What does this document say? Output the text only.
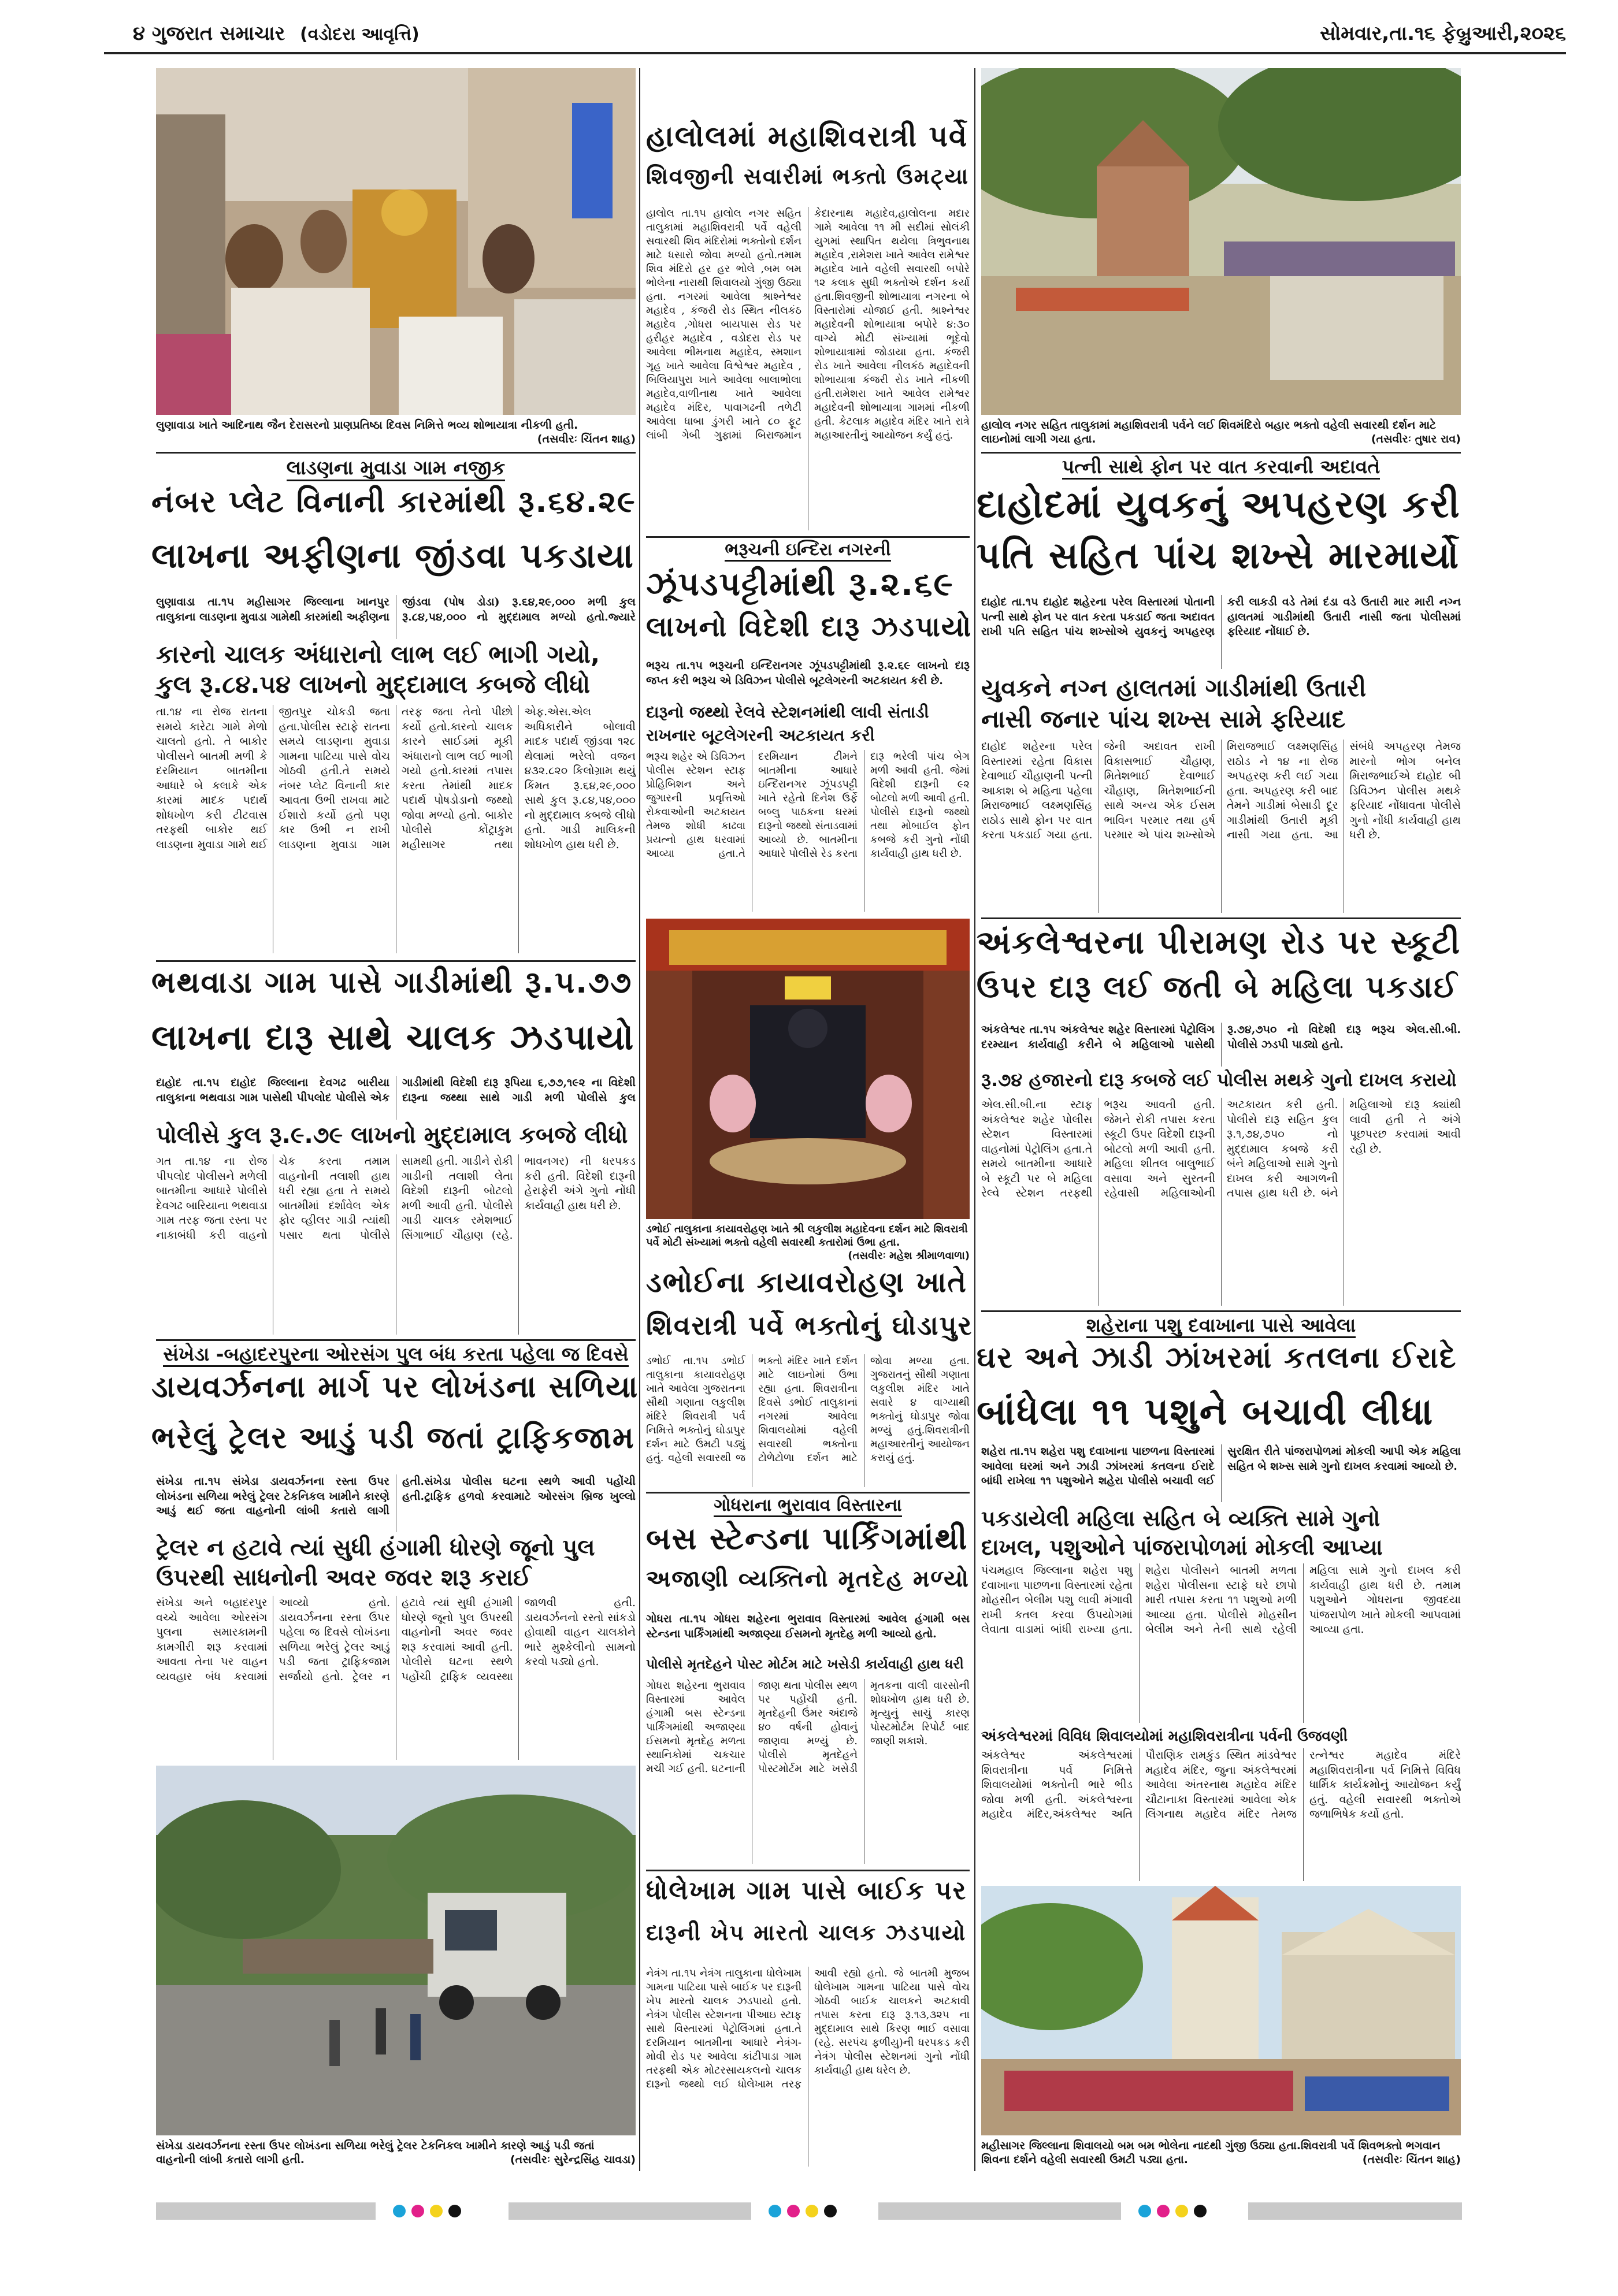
૪ ગુજરાત સમાચાર (વડોદરા આવૃત્તિ)	સોમવાર,તા.૧૬ ફેબ્રુઆરી,૨૦૨૬
લુણાવાડા ખાતે આદિનાથ જૈન દેરાસરનો પ્રાણપ્રતિષ્ઠા દિવસ નિમિત્તે ભવ્ય શોભાયાત્રા નીકળી હતી.
(તસવીરઃ ચિંતન શાહ)
લાડણના મુવાડા ગામ નજીક
નંબર પ્લેટ વિનાની કારમાંથી રૂ.૬૪.૨૯
લાખના અફીણના જીંડવા પકડાયા
લુણાવાડા તા.૧૫ મહીસાગર જિલ્લાના ખાનપુર તાલુકાના લાડણના મુવાડા ગામેથી કારમાંથી અફીણના જીંડવા (પોષ ડોડા) રૂ.૬૪,૨૯,૦૦૦ મળી કુલ રૂ.૮૪,૫૪,૦૦૦ નો મુદ્દામાલ મળ્યો હતો.જ્યારે
કારનો ચાલક અંધારાનો લાભ લઈ ભાગી ગયો,
કુલ રૂ.૮૪.૫૪ લાખનો મુદ્દામાલ કબજે લીધો
તા.૧૪ ના રોજ રાતના સમયે કારેટા ગામે મેળો ચાલતો હતો. તે બાકોર પોલીસને બાતમી મળી કે દરમિયાન બાતમીના આધારે બે કલાકે એક કારમાં માદક પદાર્થ શોધખોળ કરી ટીટવાસ તરફથી બાકોર થઈ લાડણના મુવાડા ગામે થઈ જીતપુર ચોકડી જતા હતા.પોલીસ સ્ટાફે રાતના સમયે લાડણના મુવાડા ગામના પાટિયા પાસે વોચ ગોઠવી હતી.તે સમયે નંબર પ્લેટ વિનાની કાર આવતા ઉભી રાખવા માટે ઈશારો કર્યો હતો પણ કાર ઉભી ન રાખી લાડણના મુવાડા ગામ તરફ જતા તેનો પીછો કર્યો હતો.કારનો ચાલક કારને સાઈડમાં મૂકી અંધારાનો લાભ લઈ ભાગી ગયો હતો.કારમાં તપાસ કરતા તેમાંથી માદક પદાર્થ પોષડોડાનો જથ્થો જોવા મળ્યો હતો. બાકોર પોલીસે કોંટ્રાકુમ મહીસાગર તથા એફ.એસ.એલ અધિકારીને બોલાવી માદક પદાર્થ જીંડવા ૧૨૮ થેલામાં ભરેલો વજન ૪૩૨.૮૨૦ કિલોગ્રામ થયું કિંમત રૂ.૬૪,૨૯,૦૦૦ સાથે કુલ રૂ.૮૪,૫૪,૦૦૦ નો મુદ્દામાલ કબજે લીધો હતો. ગાડી માલિકની શોધખોળ હાથ ધરી છે.
ભથવાડા ગામ પાસે ગાડીમાંથી રૂ.૫.૭૭
લાખના દારૂ સાથે ચાલક ઝડપાયો
દાહોદ તા.૧૫ દાહોદ જિલ્લાના દેવગઢ બારીયા તાલુકાના ભથવાડા ગામ પાસેથી પીપલોદ પોલીસે એક ગાડીમાંથી વિદેશી દારૂ રૂપિયા ૬,૭૭,૧૯૨ ના વિદેશી દારૂના જથ્થા સાથે ગાડી મળી પોલીસે કુલ
પોલીસે કુલ રૂ.૯.૭૯ લાખનો મુદ્દામાલ કબજે લીધો
ગત તા.૧૪ ના રોજ પીપલોદ પોલીસને મળેલી બાતમીના આધારે પોલીસે દેવગઢ બારિયાના ભથવાડા ગામ તરફ જતા રસ્તા પર નાકાબંધી કરી વાહનો ચેક કરતા તમામ વાહનોની તલાશી હાથ ધરી રહ્યા હતા તે સમયે બાતમીમાં દર્શાવેલ એક ફોર વ્હીલર ગાડી ત્યાંથી પસાર થતા પોલીસે સામથી હતી. ગાડીને રોકી ગાડીની તલાશી લેતા વિદેશી દારૂની બોટલો મળી આવી હતી. પોલીસે ગાડી ચાલક રમેશભાઈ સિંગાભાઈ ચૌહાણ (રહે. ભાવનગર) ની ધરપકડ કરી હતી. વિદેશી દારૂની હેરાફેરી અંગે ગુનો નોંધી કાર્યવાહી હાથ ધરી છે.
સંખેડા -બહાદરપુરના ઓરસંગ પુલ બંધ કરતા પહેલા જ દિવસે
ડાયવર્ઝનના માર્ગ પર લોખંડના સળિયા
ભરેલું ટ્રેલર આડું પડી જતાં ટ્રાફિકજામ
સંખેડા તા.૧૫ સંખેડા ડાયવર્ઝનના રસ્તા ઉપર લોખંડના સળિયા ભરેલું ટ્રેલર ટેકનિકલ ખામીને કારણે આડું થઈ જતા વાહનોની લાંબી કતારો લાગી હતી.સંખેડા પોલીસ ઘટના સ્થળે આવી પહોંચી હતી.ટ્રાફિક હળવો કરવામાટે ઓરસંગ બ્રિજ ખુલ્લો
ટ્રેલર ન હટાવે ત્યાં સુધી હંગામી ધોરણે જૂનો પુલ
ઉપરથી સાધનોની અવર જવર શરૂ કરાઈ
સંખેડા અને બહાદરપુર વચ્ચે આવેલા ઓરસંગ પુલના સમારકામની કામગીરી શરૂ કરવામાં આવતા તેના પર વાહન વ્યવહાર બંધ કરવામાં આવ્યો હતો. ડાયવર્ઝનના રસ્તા ઉપર પહેલા જ દિવસે લોખંડના સળિયા ભરેલું ટ્રેલર આડું પડી જતા ટ્રાફિકજામ સર્જાયો હતો. ટ્રેલર ન હટાવે ત્યાં સુધી હંગામી ધોરણે જૂનો પુલ ઉપરથી વાહનોની અવર જવર શરૂ કરવામાં આવી હતી. પોલીસે ઘટના સ્થળે પહોંચી ટ્રાફિક વ્યવસ્થા જાળવી હતી. ડાયવર્ઝનનો રસ્તો સાંકડો હોવાથી વાહન ચાલકોને ભારે મુશ્કેલીનો સામનો કરવો પડ્યો હતો.
સંખેડા ડાયવર્ઝનના રસ્તા ઉપર લોખંડના સળિયા ભરેલું ટ્રેલર ટેકનિકલ ખામીને કારણે આડું પડી જતાં વાહનોની લાંબી કતારો લાગી હતી.	(તસવીરઃ સુરેન્દ્રસિંહ ચાવડા)
હાલોલમાં મહાશિવરાત્રી પર્વે
શિવજીની સવારીમાં ભક્તો ઉમટ્યા
હાલોલ તા.૧૫ હાલોલ નગર સહિત તાલુકામાં મહાશિવરાત્રી પર્વે વહેલી સવારથી શિવ મંદિરોમાં ભક્તોનો દર્શન માટે ધસારો જોવા મળ્યો હતો.તમામ શિવ મંદિરો હર હર ભોલે ,બમ બમ ભોલેના નારાથી શિવાલયો ગુંજી ઉઠ્યા હતા. નગરમાં આવેલા શ્રાશ્નેશ્વર મહાદેવ , કંજરી રોડ સ્થિત નીલકંઠ મહાદેવ ,ગોધરા બાયપાસ રોડ પર હરીહર મહાદેવ , વડોદરા રોડ પર આવેલા ભીમનાથ મહાદેવ, સ્મશાન ગૃહ ખાતે આવેલા વિશ્વેશ્વર મહાદેવ , બિલિયાપુરા ખાતે આવેલા બાલાભોલા મહાદેવ,વાળીનાથ ખાતે આવેલા મહાદેવ મંદિર, પાવાગઢની તળેટી આવેલા ધાબા ડુંગરી ખાતે ૮૦ ફૂટ લાંબી ગેબી ગુફામાં બિરાજમાન કેદારનાથ મહાદેવ,હાલોલના મદાર ગામે આવેલા ૧૧ મી સદીમાં સોલંકી યુગમાં સ્થાપિત થયેલા ત્રિભુવનાથ મહાદેવ ,રામેશરા ખાતે આવેલ રામેશ્વર મહાદેવ ખાતે વહેલી સવારથી બપોરે ૧૨ કલાક સુધી ભક્તોએ દર્શન કર્યા હતા.શિવજીની શોભાયાત્રા નગરના બે વિસ્તારોમાં યોજાઈ હતી. શ્રાશ્નેશ્વર મહાદેવની શોભાયાત્રા બપોરે ૪:૩૦ વાગ્યે મોટી સંખ્યામાં ભૂદેવો શોભાયાત્રામાં જોડાયા હતા. કંજરી રોડ ખાતે આવેલા નીલકંઠ મહાદેવની શોભાયાત્રા કંજરી રોડ ખાતે નીકળી હતી.રામેશરા ખાતે આવેલ રામેશ્વર મહાદેવની શોભાયાત્રા ગામમાં નીકળી હતી. કેટલાક મહાદેવ મંદિર ખાતે રાત્રે મહાઆરતીનું આયોજન કર્યું હતું.
ભરૂચની ઇન્દિરા નગરની
ઝૂંપડપટ્ટીમાંથી રૂ.૨.૬૯
લાખનો વિદેશી દારૂ ઝડપાયો
ભરૂચ તા.૧૫ ભરૂચની ઇન્દિરાનગર ઝૂંપડપટ્ટીમાંથી રૂ.૨.૬૯ લાખનો દારૂ જપ્ત કરી ભરૂચ એ ડિવિઝન પોલીસે બૂટલેગરની અટકાયત કરી છે.
દારૂનો જથ્થો રેલવે સ્ટેશનમાંથી લાવી સંતાડી
રાખનાર બૂટલેગરની અટકાયત કરી
ભરૂચ શહેર એ ડિવિઝન પોલીસ સ્ટેશન સ્ટાફ પ્રોહિબિશન અને જુગારની પ્રવૃત્તિઓ રોકવાઓની અટકાયત તેમજ શોધી કાઢવા પ્રયત્નો હાથ ધરવામાં આવ્યા હતા.તે દરમિયાન ટીમને બાતમીના આધારે ઇન્દિરાનગર ઝૂંપડપટ્ટી ખાતે રહેતો દિનેશ ઉર્ફે બબ્લુ પાઠકના ઘરમાં દારૂનો જથ્થો સંતાડવામાં આવ્યો છે. બાતમીના આધારે પોલીસે રેડ કરતા દારૂ ભરેલી પાંચ બેગ મળી આવી હતી. જેમાં વિદેશી દારૂની ૯૨ બોટલો મળી આવી હતી. પોલીસે દારૂનો જથ્થો તથા મોબાઈલ ફોન કબજે કરી ગુનો નોંધી કાર્યવાહી હાથ ધરી છે.
ડભોઈ તાલુકાના કાયાવરોહણ ખાતે શ્રી લકુલીશ મહાદેવના દર્શન માટે શિવરાત્રી પર્વે મોટી સંખ્યામાં ભક્તો વહેલી સવારથી કતારોમાં ઉભા હતા.
(તસવીરઃ મહેશ શ્રીમાળવાળા)
ડભોઈના કાયાવરોહણ ખાતે
શિવરાત્રી પર્વે ભક્તોનું ઘોડાપુર
ડભોઈ તા.૧૫ ડભોઈ તાલુકાના કાયાવરોહણ ખાતે આવેલા ગુજરાતના સૌથી ગણાતા લકુલીશ મંદિરે શિવરાત્રી પર્વ નિમિત્તે ભક્તોનું ઘોડાપુર દર્શન માટે ઉમટી પડ્યું હતું. વહેલી સવારથી જ ભક્તો મંદિર ખાતે દર્શન માટે લાઇનોમાં ઉભા રહ્યા હતા. શિવરાત્રીના દિવસે ડભોઈ તાલુકાનાં નગરમાં આવેલા શિવાલયોમાં વહેલી સવારથી ભક્તોના ટોળેટોળા દર્શન માટે જોવા મળ્યા હતા. ગુજરાતનું સૌથી ગણાતા લકુલીશ મંદિર ખાતે સવારે ૪ વાગ્યાથી ભક્તોનું ઘોડાપુર જોવા મળ્યું હતું.શિવરાત્રીની મહાઆરતીનું આયોજન કરાયું હતું.
ગોધરાના ભુરાવાવ વિસ્તારના
બસ સ્ટેન્ડના પાર્કિંગમાંથી
અજાણી વ્યક્તિનો મૃતદેહ મળ્યો
ગોધરા તા.૧૫ ગોધરા શહેરના ભુરાવાવ વિસ્તારમાં આવેલ હંગામી બસ સ્ટેન્ડના પાર્કિંગમાંથી અજાણ્યા ઈસમનો મૃતદેહ મળી આવ્યો હતો.
પોલીસે મૃતદેહને પોસ્ટ મોર્ટમ માટે ખસેડી કાર્યવાહી હાથ ધરી
ગોધરા શહેરના ભુરાવાવ વિસ્તારમાં આવેલ હંગામી બસ સ્ટેન્ડના પાર્કિંગમાંથી અજાણ્યા ઈસમનો મૃતદેહ મળતા સ્થાનિકોમાં ચકચાર મચી ગઈ હતી. ઘટનાની જાણ થતા પોલીસ સ્થળ પર પહોંચી હતી. મૃતદેહની ઉંમર અંદાજે ૪૦ વર્ષની હોવાનું જાણવા મળ્યું છે. પોલીસે મૃતદેહને પોસ્ટમોર્ટમ માટે ખસેડી મૃતકના વાલી વારસોની શોધખોળ હાથ ધરી છે. મૃત્યુનું સાચું કારણ પોસ્ટમોર્ટમ રિપોર્ટ બાદ જાણી શકાશે.
ધોલેખામ ગામ પાસે બાઈક પર
દારૂની ખેપ મારતો ચાલક ઝડપાયો
નેત્રંગ તા.૧૫ નેત્રંગ તાલુકાના ધોલેખામ ગામના પાટિયા પાસે બાઈક પર દારૂની ખેપ મારતો ચાલક ઝડપાયો હતો. નેત્રંગ પોલીસ સ્ટેશનના પીઆઇ સ્ટાફ સાથે વિસ્તારમાં પેટ્રોલિંગમાં હતા.તે દરમિયાન બાતમીના આધારે નેત્રંગ-મોવી રોડ પર આવેલા કાંટીપાડા ગામ તરફથી એક મોટરસાયકલનો ચાલક દારૂનો જથ્થો લઈ ધોલેખામ તરફ આવી રહ્યો હતો. જે બાતમી મુજબ ધોલેખામ ગામના પાટિયા પાસે વોચ ગોઠવી બાઈક ચાલકને અટકાવી તપાસ કરતા દારૂ રૂ.૧૩,૩૨૫ ના મુદ્દામાલ સાથે કિરણ ભાઈ વસાવા (રહે. સરપંચ ફળીયુ)ની ધરપકડ કરી નેત્રંગ પોલીસ સ્ટેશનમાં ગુનો નોંધી કાર્યવાહી હાથ ધરેલ છે.
હાલોલ નગર સહિત તાલુકામાં મહાશિવરાત્રી પર્વને લઈ શિવમંદિરો બહાર ભક્તો વહેલી સવારથી દર્શન માટે લાઇનોમાં લાગી ગયા હતા.	(તસવીરઃ તુષાર રાવ)
પત્ની સાથે ફોન પર વાત કરવાની અદાવતે
દાહોદમાં યુવકનું અપહરણ કરી
પતિ સહિત પાંચ શખ્સે મારમાર્યો
દાહોદ તા.૧૫ દાહોદ શહેરના પરેલ વિસ્તારમાં પોતાની પત્ની સાથે ફોન પર વાત કરતા પકડાઈ જતા અદાવત રાખી પતિ સહિત પાંચ શખ્સોએ યુવકનું અપહરણ કરી લાકડી વડે તેમાં દંડા વડે ઉતારી માર મારી નગ્ન હાલતમાં ગાડીમાંથી ઉતારી નાસી જતા પોલીસમાં ફરિયાદ નોંધાઈ છે.
યુવકને નગ્ન હાલતમાં ગાડીમાંથી ઉતારી
નાસી જનાર પાંચ શખ્સ સામે ફરિયાદ
દાહોદ શહેરના પરેલ વિસ્તારમાં રહેતા વિકાસ દેવાભાઈ ચૌહાણની પત્ની આકાશ બે મહિના પહેલા મિરાજભાઈ લક્ષ્મણસિંહ રાઠોડ સાથે ફોન પર વાત કરતા પકડાઈ ગયા હતા. જેની અદાવત રાખી વિકાસભાઈ ચૌહાણ, મિતેશભાઈ દેવાભાઈ ચૌહાણ, મિતેશભાઈની સાથે અન્ય એક ઈસમ ભાવિન પરમાર તથા હર્ષ પરમાર એ પાંચ શખ્સોએ મિરાજભાઈ લક્ષ્મણસિંહ રાઠોડ ને ૧૪ ના રોજ અપહરણ કરી લઈ ગયા હતા. અપહરણ કરી બાદ તેમને ગાડીમાં બેસાડી દૂર ગાડીમાંથી ઉતારી મૂકી નાસી ગયા હતા. આ સંબંધે અપહરણ તેમજ મારનો ભોગ બનેલ મિરાજભાઈએ દાહોદ બી ડિવિઝન પોલીસ મથકે ફરિયાદ નોંધાવતા પોલીસે ગુનો નોંધી કાર્યવાહી હાથ ધરી છે.
અંકલેશ્વરના પીરામણ રોડ પર સ્કૂટી
ઉપર દારૂ લઈ જતી બે મહિલા પકડાઈ
અંકલેશ્વર તા.૧૫ અંકલેશ્વર શહેર વિસ્તારમાં પેટ્રોલિંગ દરમ્યાન કાર્યવાહી કરીને બે મહિલાઓ પાસેથી રૂ.૭૪,૭૫૦ નો વિદેશી દારૂ ભરૂચ એલ.સી.બી. પોલીસે ઝડપી પાડ્યો હતો.
રૂ.૭૪ હજારનો દારૂ કબજે લઈ પોલીસ મથકે ગુનો દાખલ કરાયો
એલ.સી.બી.ના સ્ટાફ અંકલેશ્વર શહેર પોલીસ સ્ટેશન વિસ્તારમાં વાહનોમાં પેટ્રોલિંગ હતા.તે સમયે બાતમીના આધારે બે સ્કૂટી પર બે મહિલા રેલ્વે સ્ટેશન તરફથી ભરૂચ આવતી હતી. જેમને રોકી તપાસ કરતા સ્કૂટી ઉપર વિદેશી દારૂની બોટલો મળી આવી હતી. મહિલા શીતલ બાલુભાઈ વસાવા અને સુરતની રહેવાસી મહિલાઓની અટકાયત કરી હતી. પોલીસે દારૂ સહિત કુલ રૂ.૧,૭૪,૭૫૦ નો મુદ્દામાલ કબજે કરી બંને મહિલાઓ સામે ગુનો દાખલ કરી આગળની તપાસ હાથ ધરી છે. બંને મહિલાઓ દારૂ ક્યાંથી લાવી હતી તે અંગે પૂછપરછ કરવામાં આવી રહી છે.
શહેરાના પશુ દવાખાના પાસે આવેલા
ઘર અને ઝાડી ઝાંખરમાં કતલના ઈરાદે
બાંધેલા ૧૧ પશુને બચાવી લીધા
શહેરા તા.૧૫ શહેરા પશુ દવાખાના પાછળના વિસ્તારમાં આવેલા ઘરમાં અને ઝાડી ઝાંખરમાં કતલના ઈરાદે બાંધી રાખેલા ૧૧ પશુઓને શહેરા પોલીસે બચાવી લઈ સુરક્ષિત રીતે પાંજરાપોળમાં મોકલી આપી એક મહિલા સહિત બે શખ્સ સામે ગુનો દાખલ કરવામાં આવ્યો છે.
પકડાયેલી મહિલા સહિત બે વ્યક્તિ સામે ગુનો
દાખલ, પશુઓને પાંજરાપોળમાં મોકલી આપ્યા
પંચમહાલ જિલ્લાના શહેરા પશુ દવાખાના પાછળના વિસ્તારમાં રહેતા મોહસીન બેલીમ પશુ લાવી મંગાવી રાખી કતલ કરવા ઉપયોગમાં લેવાતા વાડામાં બાંધી રાખ્યા હતા. શહેરા પોલીસને બાતમી મળતા શહેરા પોલીસના સ્ટાફે ઘરે છાપો મારી તપાસ કરતા ૧૧ પશુઓ મળી આવ્યા હતા. પોલીસે મોહસીન બેલીમ અને તેની સાથે રહેલી મહિલા સામે ગુનો દાખલ કરી કાર્યવાહી હાથ ધરી છે. તમામ પશુઓને ગોધરાના જીવદયા પાંજરાપોળ ખાતે મોકલી આપવામાં આવ્યા હતા.
અંકલેશ્વરમાં વિવિધ શિવાલયોમાં મહાશિવરાત્રીના પર્વની ઉજવણી
અંકલેશ્વર અંકલેશ્વરમાં શિવરાત્રીના પર્વ નિમિત્તે શિવાલયોમાં ભક્તોની ભારે ભીડ જોવા મળી હતી. અંકલેશ્વરના મહાદેવ મંદિર,અંકલેશ્વર અતિ પૌરાણિક રામકુંડ સ્થિત માંડવેશ્વર મહાદેવ મંદિર, જુના અંકલેશ્વરમાં આવેલા અંતરનાથ મહાદેવ મંદિર ચૌટાનાકા વિસ્તારમાં આવેલા એક લિંગનાથ મહાદેવ મંદિર તેમજ રત્નેશ્વર મહાદેવ મંદિરે મહાશિવરાત્રીના પર્વ નિમિત્તે વિવિધ ધાર્મિક કાર્યક્રમોનું આયોજન કર્યું હતું. વહેલી સવારથી ભક્તોએ જળાભિષેક કર્યો હતો.
મહીસાગર જિલ્લાના શિવાલયો બમ બમ ભોલેના નાદથી ગુંજી ઉઠ્યા હતા.શિવરાત્રી પર્વે શિવભક્તો ભગવાન શિવના દર્શને વહેલી સવારથી ઉમટી પડ્યા હતા.	(તસવીરઃ ચિંતન શાહ)
